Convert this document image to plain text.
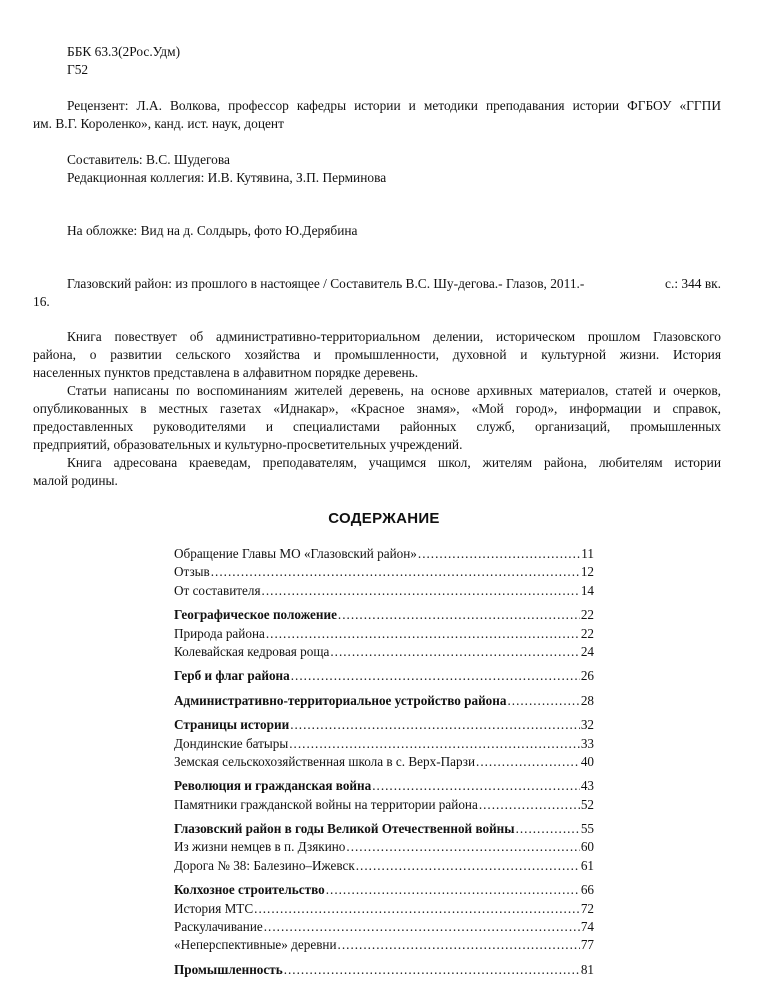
ББК 63.3(2Рос.Удм)
Г52
Рецензент: Л.А. Волкова, профессор кафедры истории и методики преподавания истории ФГБОУ «ГГПИ
им. В.Г. Короленко», канд. ист. наук, доцент
Составитель: В.С. Шудегова
Редакционная коллегия: И.В. Кутявина, З.П. Перминова
На обложке: Вид на д. Солдырь, фото Ю.Дерябина
Глазовский район: из прошлого в настоящее / Составитель В.С. Шу-дегова.- Глазов, 2011.-	с.: 344 вк.
16.
Книга повествует об административно-территориальном делении, историческом прошлом Глазовского
района, о развитии сельского хозяйства и промышленности, духовной и культурной жизни. История
населенных пунктов представлена в алфавитном порядке деревень.
Статьи написаны по воспоминаниям жителей деревень, на основе архивных материалов, статей и очерков,
опубликованных в местных газетах «Иднакар», «Красное знамя», «Мой город», информации и справок,
предоставленных руководителями и специалистами районных служб, организаций, промышленных
предприятий, образовательных и культурно-просветительных учреждений.
Книга адресована краеведам, преподавателям, учащимся школ, жителям района, любителям истории
малой родины.
СОДЕРЖАНИЕ
Обращение Главы МО «Глазовский район» .....	11
Отзыв .....	12
От составителя .....	14
Географическое положение .....	22
Природа района .....	22
Колевайская кедровая роща .....	24
Герб и флаг района .....	26
Административно-территориальное устройство района .....	28
Страницы истории .....	32
Дондинские батыры .....	33
Земская сельскохозяйственная школа в с. Верх-Парзи .....	40
Революция и гражданская война .....	43
Памятники гражданской войны на территории района .....	52
Глазовский район в годы Великой Отечественной войны .....	55
Из жизни немцев в п. Дзякино .....	60
Дорога № 38: Балезино–Ижевск .....	61
Колхозное строительство .....	66
История МТС .....	72
Раскулачивание .....	74
«Неперспективные» деревни .....	77
Промышленность .....	81
